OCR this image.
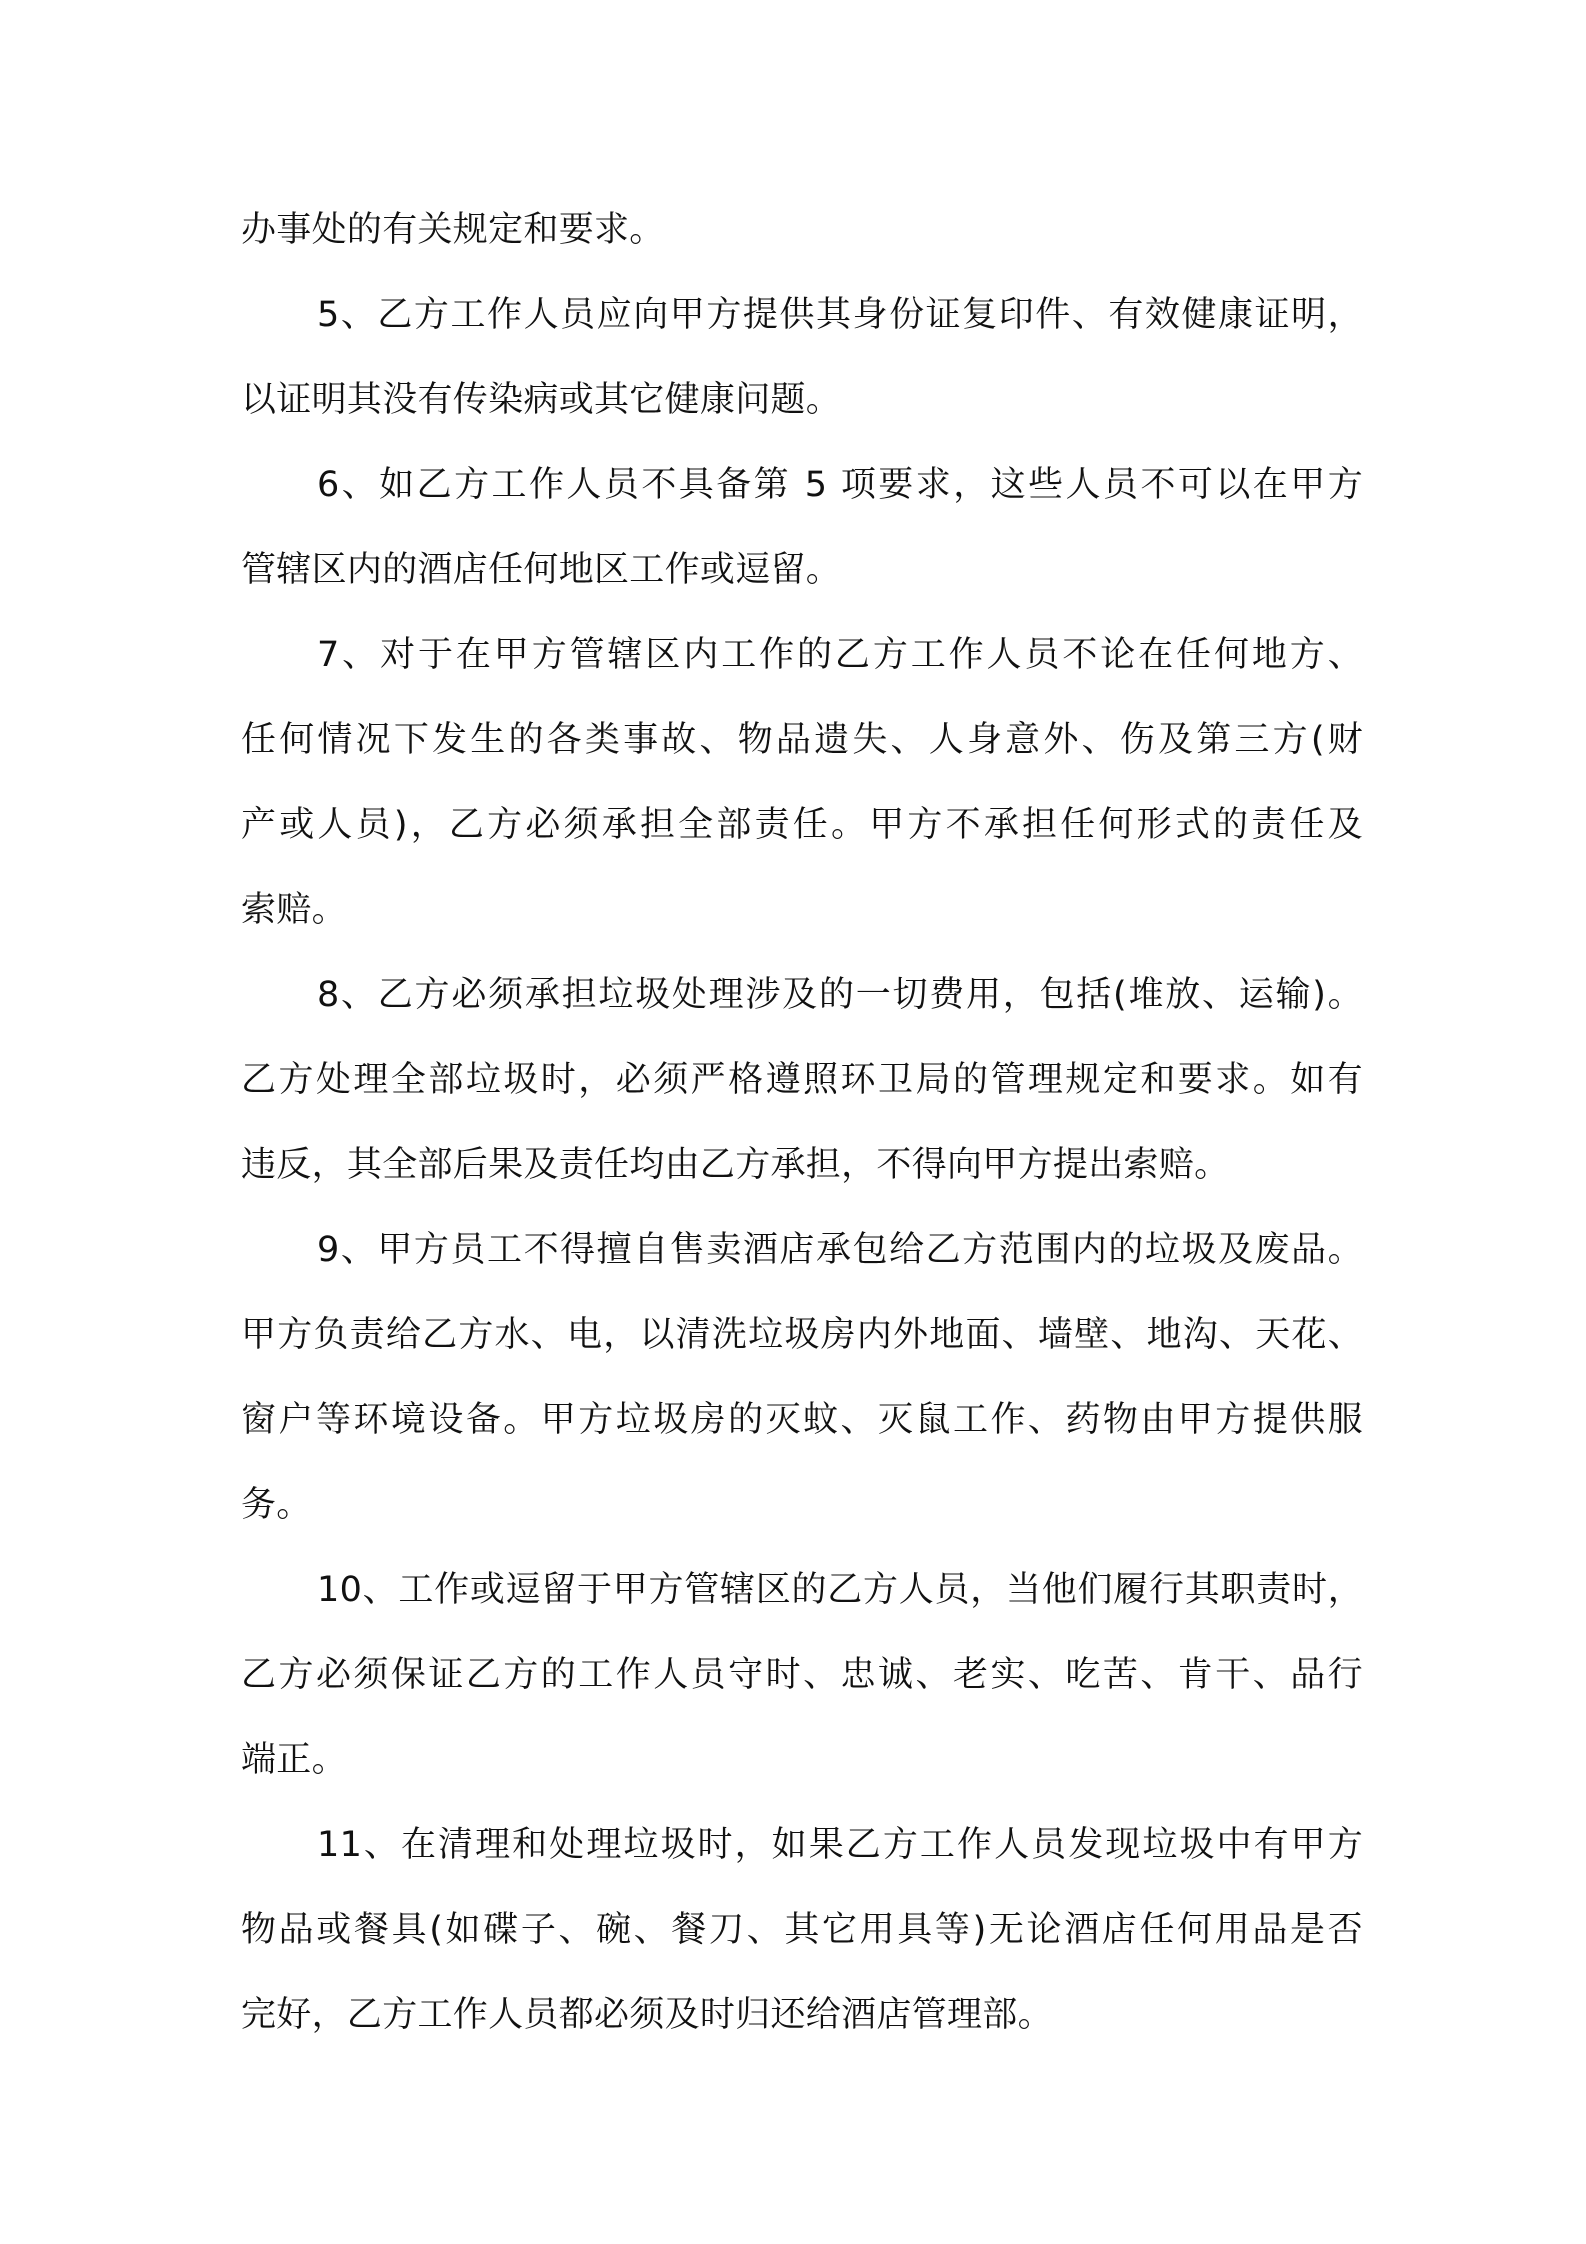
办事处的有关规定和要求。
5、乙方工作人员应向甲方提供其身份证复印件、有效健康证明，
以证明其没有传染病或其它健康问题。
6、如乙方工作人员不具备第 5 项要求，这些人员不可以在甲方
管辖区内的酒店任何地区工作或逗留。
7、对于在甲方管辖区内工作的乙方工作人员不论在任何地方、
任何情况下发生的各类事故、物品遗失、人身意外、伤及第三方(财
产或人员)，乙方必须承担全部责任。甲方不承担任何形式的责任及
索赔。
8、乙方必须承担垃圾处理涉及的一切费用，包括(堆放、运输)。
乙方处理全部垃圾时，必须严格遵照环卫局的管理规定和要求。如有
违反，其全部后果及责任均由乙方承担，不得向甲方提出索赔。
9、甲方员工不得擅自售卖酒店承包给乙方范围内的垃圾及废品。
甲方负责给乙方水、电，以清洗垃圾房内外地面、墙壁、地沟、天花、
窗户等环境设备。甲方垃圾房的灭蚊、灭鼠工作、药物由甲方提供服
务。
10、工作或逗留于甲方管辖区的乙方人员，当他们履行其职责时，
乙方必须保证乙方的工作人员守时、忠诚、老实、吃苦、肯干、品行
端正。
11、在清理和处理垃圾时，如果乙方工作人员发现垃圾中有甲方
物品或餐具(如碟子、碗、餐刀、其它用具等)无论酒店任何用品是否
完好，乙方工作人员都必须及时归还给酒店管理部。
